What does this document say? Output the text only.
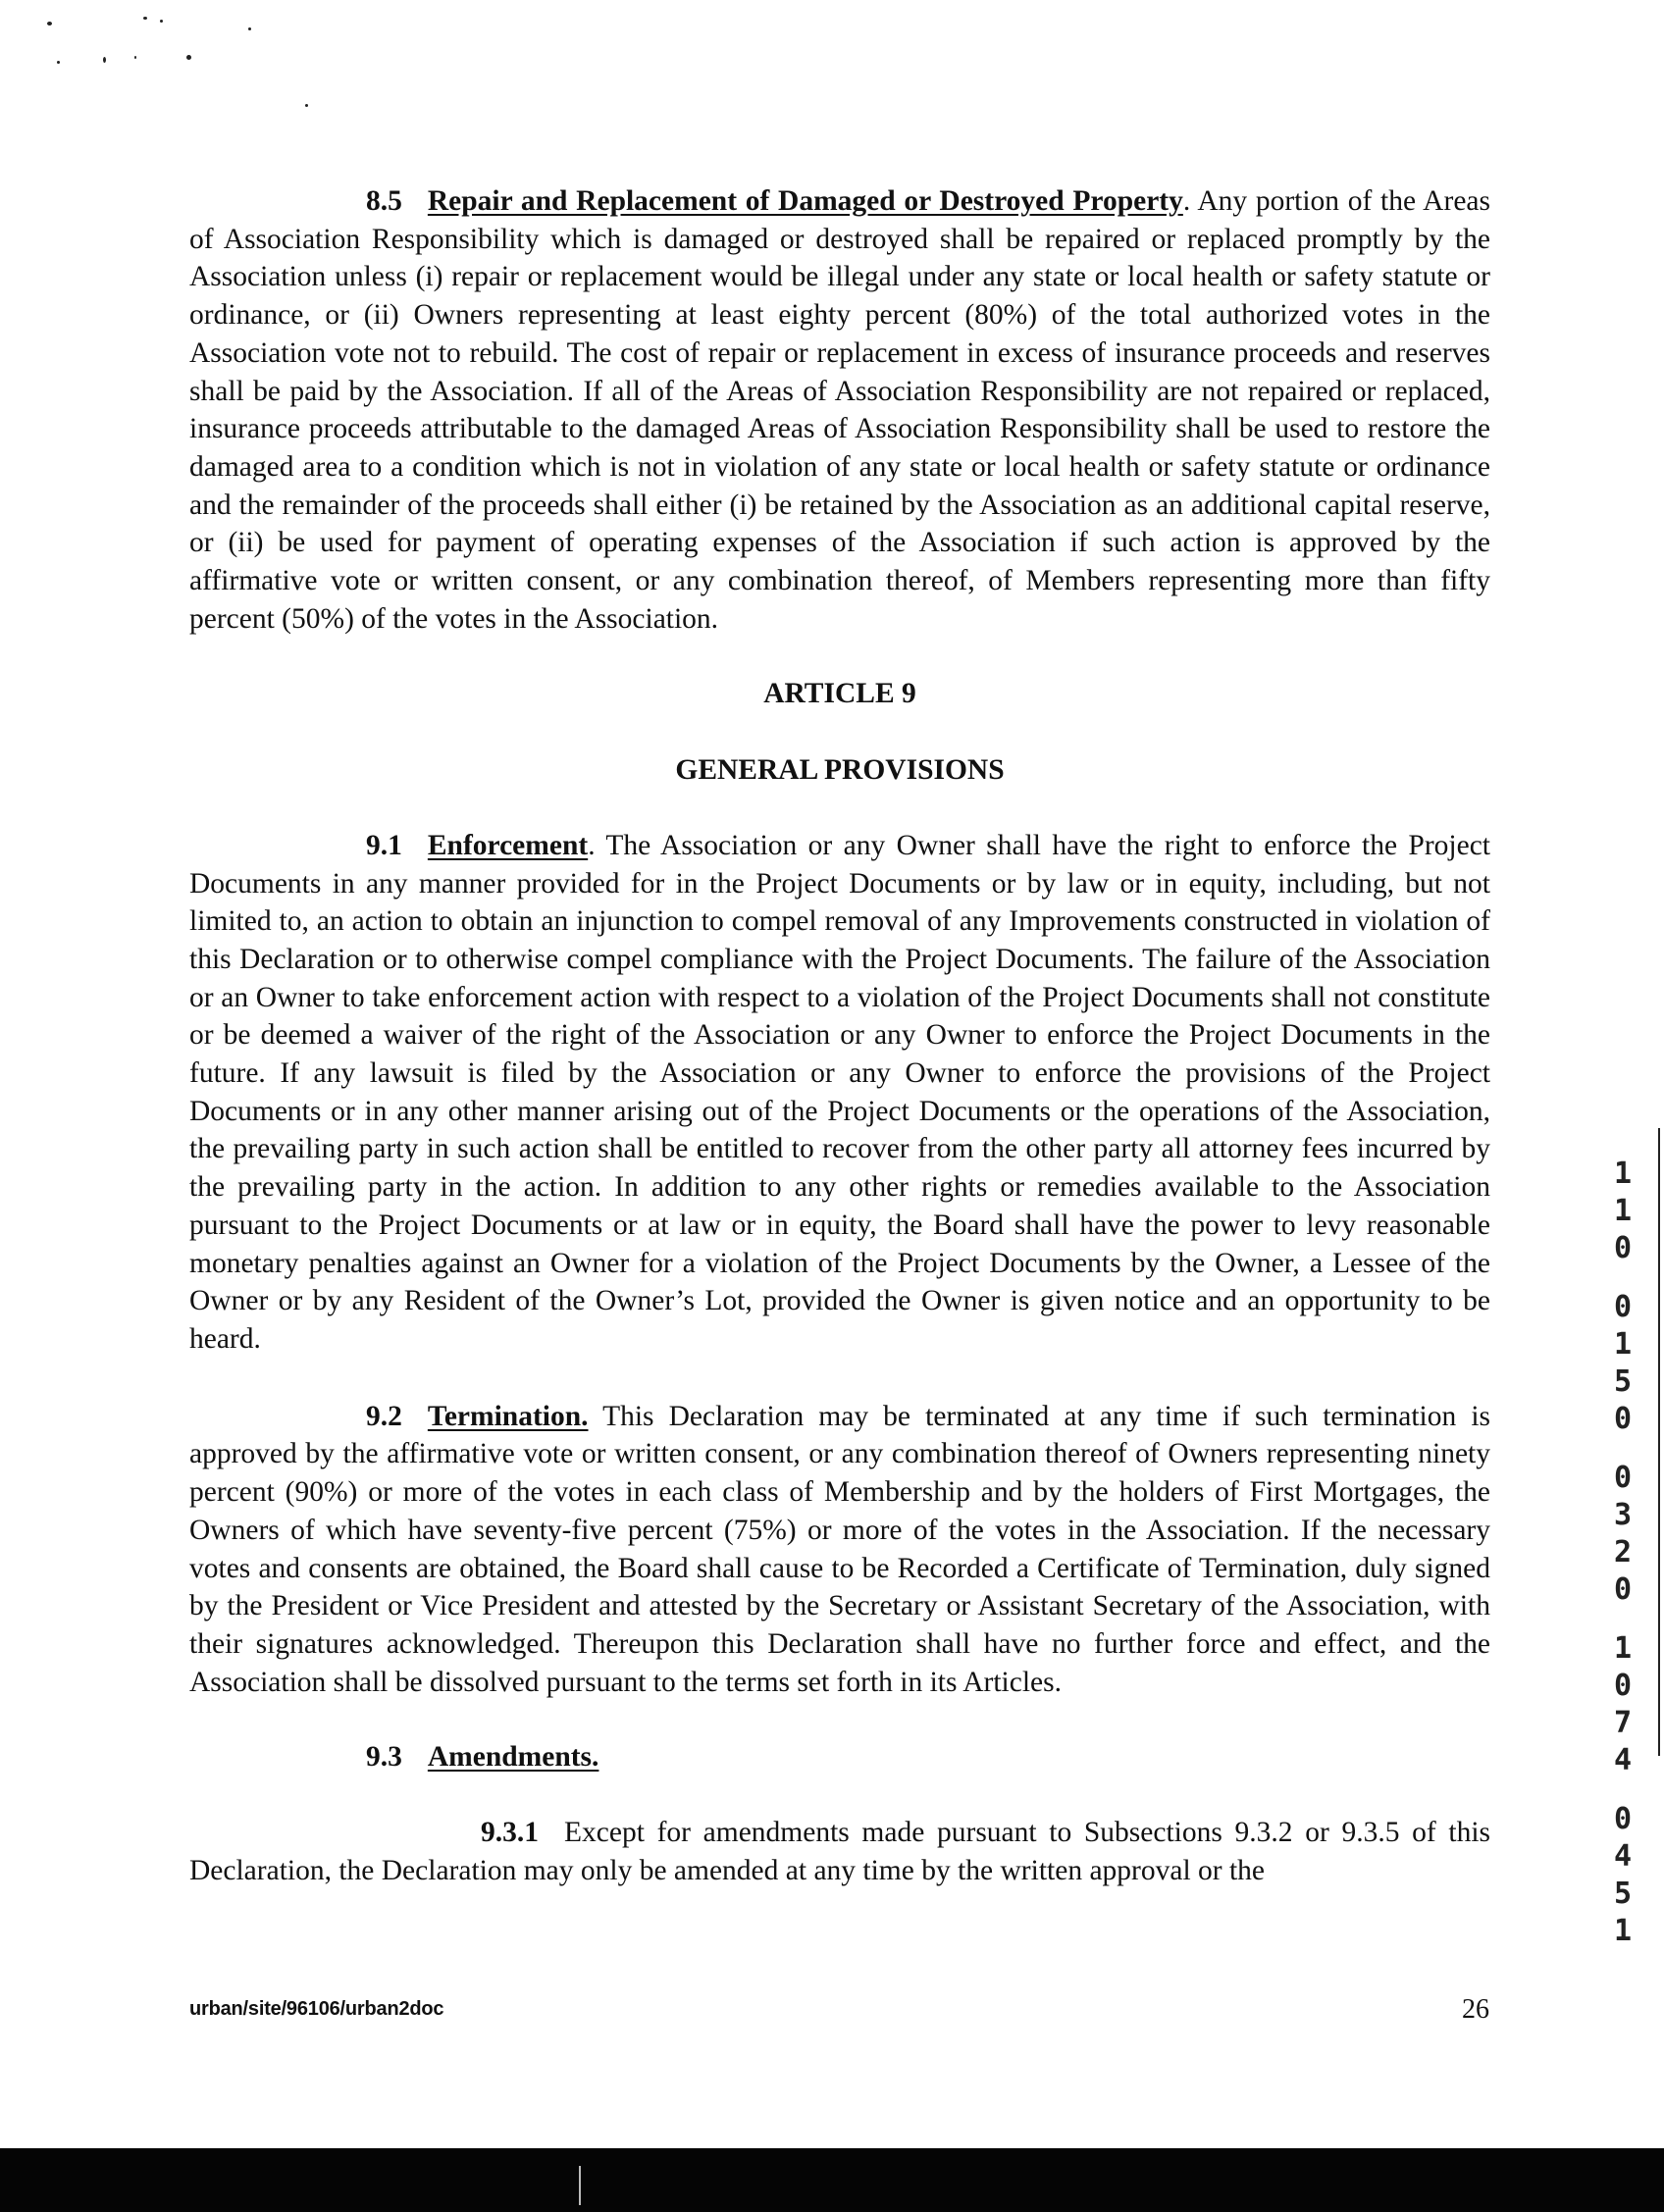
8.5 Repair and Replacement of Damaged or Destroyed Property. Any portion of the Areas of Association Responsibility which is damaged or destroyed shall be repaired or replaced promptly by the Association unless (i) repair or replacement would be illegal under any state or local health or safety statute or ordinance, or (ii) Owners representing at least eighty percent (80%) of the total authorized votes in the Association vote not to rebuild. The cost of repair or replacement in excess of insurance proceeds and reserves shall be paid by the Association. If all of the Areas of Association Responsibility are not repaired or replaced, insurance proceeds attributable to the damaged Areas of Association Responsibility shall be used to restore the damaged area to a condition which is not in violation of any state or local health or safety statute or ordinance and the remainder of the proceeds shall either (i) be retained by the Association as an additional capital reserve, or (ii) be used for payment of operating expenses of the Association if such action is approved by the affirmative vote or written consent, or any combination thereof, of Members representing more than fifty percent (50%) of the votes in the Association.

ARTICLE 9

GENERAL PROVISIONS

9.1 Enforcement. The Association or any Owner shall have the right to enforce the Project Documents in any manner provided for in the Project Documents or by law or in equity, including, but not limited to, an action to obtain an injunction to compel removal of any Improvements constructed in violation of this Declaration or to otherwise compel compliance with the Project Documents. The failure of the Association or an Owner to take enforcement action with respect to a violation of the Project Documents shall not constitute or be deemed a waiver of the right of the Association or any Owner to enforce the Project Documents in the future. If any lawsuit is filed by the Association or any Owner to enforce the provisions of the Project Documents or in any other manner arising out of the Project Documents or the operations of the Association, the prevailing party in such action shall be entitled to recover from the other party all attorney fees incurred by the prevailing party in the action. In addition to any other rights or remedies available to the Association pursuant to the Project Documents or at law or in equity, the Board shall have the power to levy reasonable monetary penalties against an Owner for a violation of the Project Documents by the Owner, a Lessee of the Owner or by any Resident of the Owner’s Lot, provided the Owner is given notice and an opportunity to be heard.

9.2 Termination. This Declaration may be terminated at any time if such termination is approved by the affirmative vote or written consent, or any combination thereof of Owners representing ninety percent (90%) or more of the votes in each class of Membership and by the holders of First Mortgages, the Owners of which have seventy-five percent (75%) or more of the votes in the Association. If the necessary votes and consents are obtained, the Board shall cause to be Recorded a Certificate of Termination, duly signed by the President or Vice President and attested by the Secretary or Assistant Secretary of the Association, with their signatures acknowledged. Thereupon this Declaration shall have no further force and effect, and the Association shall be dissolved pursuant to the terms set forth in its Articles.

9.3 Amendments.

9.3.1 Except for amendments made pursuant to Subsections 9.3.2 or 9.3.5 of this Declaration, the Declaration may only be amended at any time by the written approval or the

urban/site/96106/urban2doc	26
1
1
0
0
1
5
0
0
3
2
0
1
0
7
4
0
4
5
1
